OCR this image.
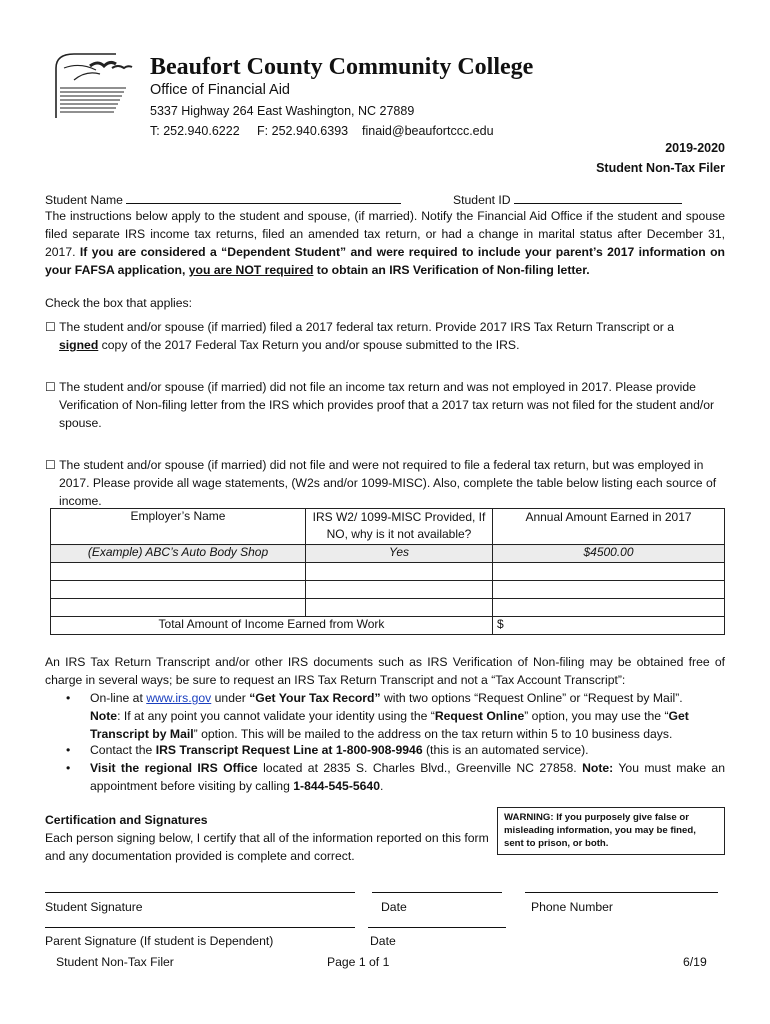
Beaufort County Community College
Office of Financial Aid
5337 Highway 264 East Washington, NC 27889
T: 252.940.6222 F: 252.940.6393 finaid@beaufortccc.edu
2019-2020
Student Non-Tax Filer
Student Name	Student ID
The instructions below apply to the student and spouse, (if married). Notify the Financial Aid Office if the student and spouse filed separate IRS income tax returns, filed an amended tax return, or had a change in marital status after December 31, 2017. If you are considered a “Dependent Student” and were required to include your parent’s 2017 information on your FAFSA application, you are NOT required to obtain an IRS Verification of Non-filing letter.
Check the box that applies:
☐ The student and/or spouse (if married) filed a 2017 federal tax return. Provide 2017 IRS Tax Return Transcript or a signed copy of the 2017 Federal Tax Return you and/or spouse submitted to the IRS.
☐ The student and/or spouse (if married) did not file an income tax return and was not employed in 2017. Please provide Verification of Non-filing letter from the IRS which provides proof that a 2017 tax return was not filed for the student and/or spouse.
☐ The student and/or spouse (if married) did not file and were not required to file a federal tax return, but was employed in 2017. Please provide all wage statements, (W2s and/or 1099-MISC). Also, complete the table below listing each source of income.
Employer’s Name	IRS W2/ 1099-MISC Provided, If NO, why is it not available?	Annual Amount Earned in 2017
(Example) ABC’s Auto Body Shop	Yes	$4500.00

Total Amount of Income Earned from Work		$
An IRS Tax Return Transcript and/or other IRS documents such as IRS Verification of Non-filing may be obtained free of charge in several ways; be sure to request an IRS Tax Return Transcript and not a “Tax Account Transcript”:
• On-line at www.irs.gov under “Get Your Tax Record” with two options “Request Online” or “Request by Mail”.
Note: If at any point you cannot validate your identity using the “Request Online” option, you may use the “Get Transcript by Mail” option. This will be mailed to the address on the tax return within 5 to 10 business days.
• Contact the IRS Transcript Request Line at 1-800-908-9946 (this is an automated service).
• Visit the regional IRS Office located at 2835 S. Charles Blvd., Greenville NC 27858. Note: You must make an appointment before visiting by calling 1-844-545-5640.
Certification and Signatures
Each person signing below, I certify that all of the information reported on this form and any documentation provided is complete and correct.
WARNING: If you purposely give false or misleading information, you may be fined, sent to prison, or both.
Student Signature	Date	Phone Number
Parent Signature (If student is Dependent)	Date
Student Non-Tax Filer	Page 1 of 1	6/19
